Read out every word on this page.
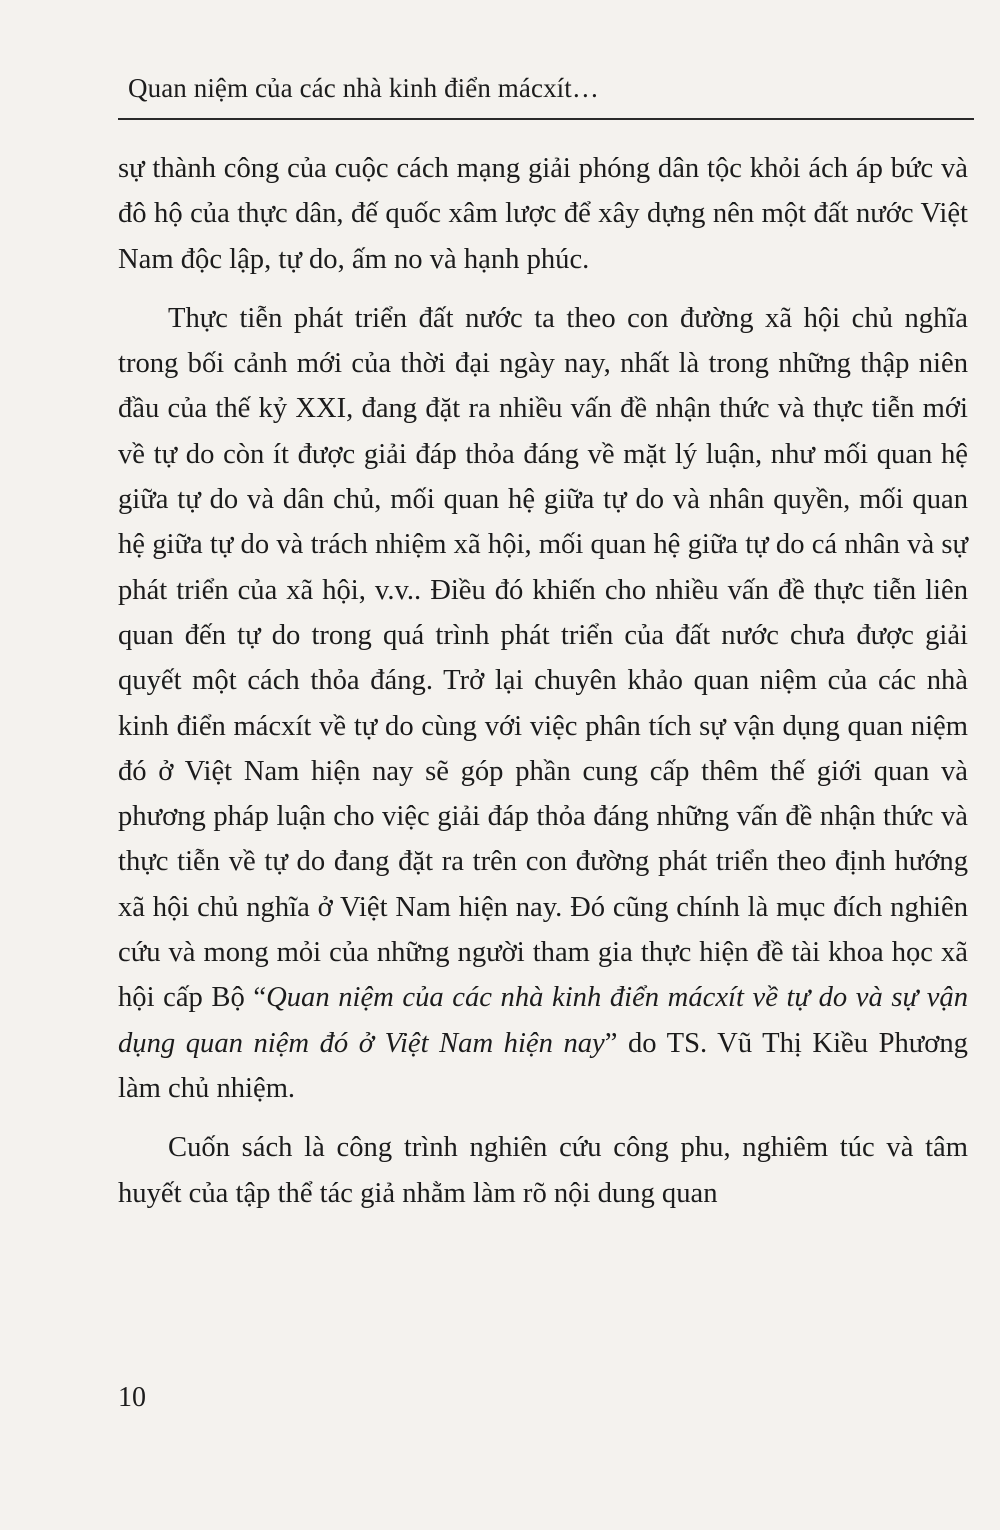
Quan niệm của các nhà kinh điển mácxít…

sự thành công của cuộc cách mạng giải phóng dân tộc khỏi ách áp bức và đô hộ của thực dân, đế quốc xâm lược để xây dựng nên một đất nước Việt Nam độc lập, tự do, ấm no và hạnh phúc.

Thực tiễn phát triển đất nước ta theo con đường xã hội chủ nghĩa trong bối cảnh mới của thời đại ngày nay, nhất là trong những thập niên đầu của thế kỷ XXI, đang đặt ra nhiều vấn đề nhận thức và thực tiễn mới về tự do còn ít được giải đáp thỏa đáng về mặt lý luận, như mối quan hệ giữa tự do và dân chủ, mối quan hệ giữa tự do và nhân quyền, mối quan hệ giữa tự do và trách nhiệm xã hội, mối quan hệ giữa tự do cá nhân và sự phát triển của xã hội, v.v.. Điều đó khiến cho nhiều vấn đề thực tiễn liên quan đến tự do trong quá trình phát triển của đất nước chưa được giải quyết một cách thỏa đáng. Trở lại chuyên khảo quan niệm của các nhà kinh điển mácxít về tự do cùng với việc phân tích sự vận dụng quan niệm đó ở Việt Nam hiện nay sẽ góp phần cung cấp thêm thế giới quan và phương pháp luận cho việc giải đáp thỏa đáng những vấn đề nhận thức và thực tiễn về tự do đang đặt ra trên con đường phát triển theo định hướng xã hội chủ nghĩa ở Việt Nam hiện nay. Đó cũng chính là mục đích nghiên cứu và mong mỏi của những người tham gia thực hiện đề tài khoa học xã hội cấp Bộ “Quan niệm của các nhà kinh điển mácxít về tự do và sự vận dụng quan niệm đó ở Việt Nam hiện nay” do TS. Vũ Thị Kiều Phương làm chủ nhiệm.

Cuốn sách là công trình nghiên cứu công phu, nghiêm túc và tâm huyết của tập thể tác giả nhằm làm rõ nội dung quan

10
